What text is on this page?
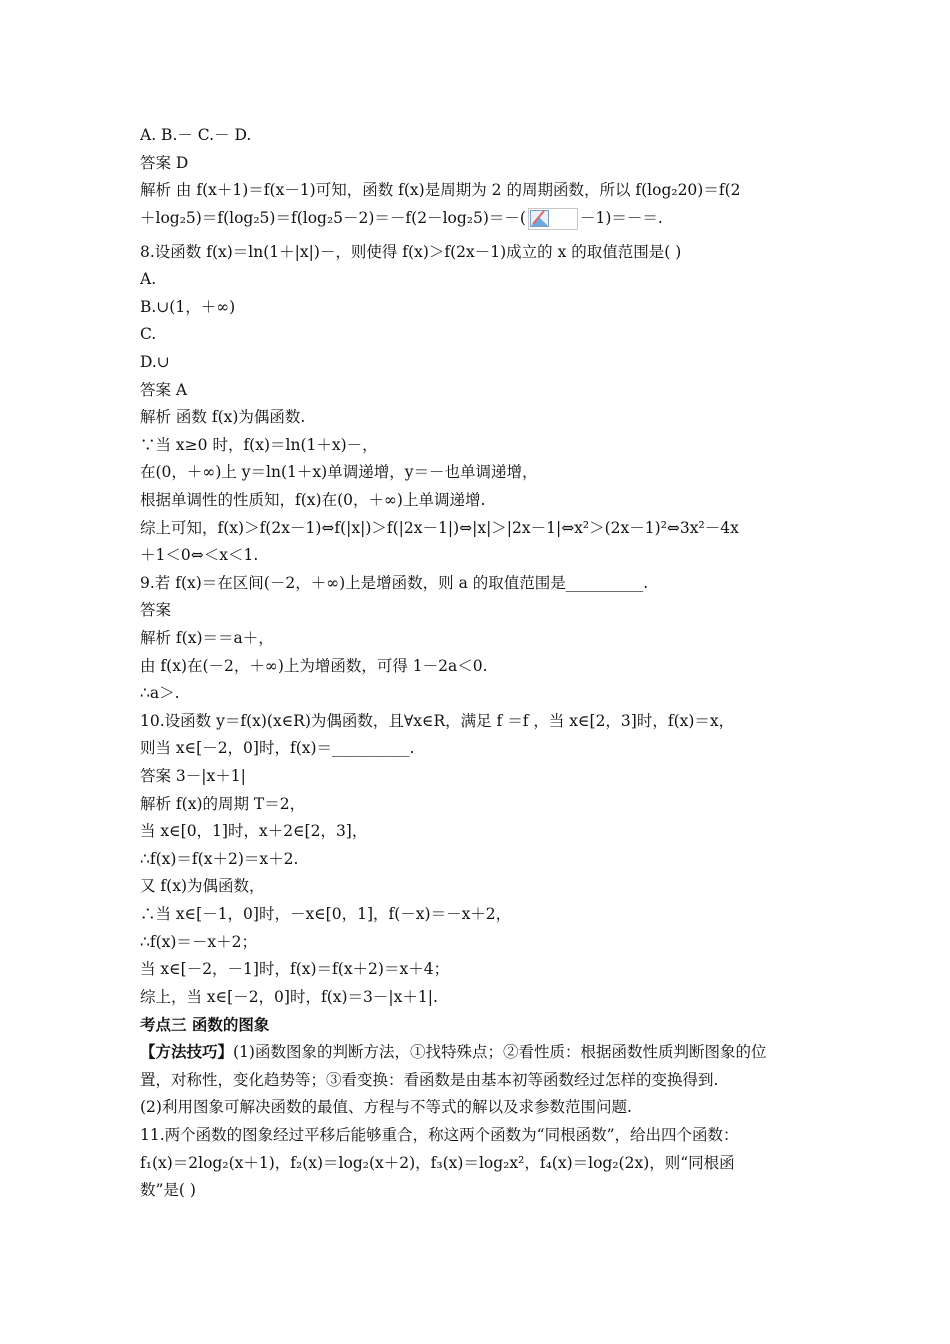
A. B.－ C.－ D.
答案 D
解析 由 f(x＋1)＝f(x－1)可知，函数 f(x)是周期为 2 的周期函数，所以 f(log₂20)＝f(2
8.设函数 f(x)＝ln(1＋|x|)－，则使得 f(x)＞f(2x－1)成立的 x 的取值范围是( )
A.
B.∪(1，＋∞)
C.
D.∪
答案 A
解析 函数 f(x)为偶函数.
∵当 x≥0 时，f(x)＝ln(1＋x)－，
在(0，＋∞)上 y＝ln(1＋x)单调递增，y＝－也单调递增，
根据单调性的性质知，f(x)在(0，＋∞)上单调递增.
综上可知，f(x)＞f(2x－1)⇔f(|x|)＞f(|2x－1|)⇔|x|＞|2x－1|⇔x²＞(2x－1)²⇔3x²－4x
＋1＜0⇔＜x＜1.
9.若 f(x)＝在区间(－2，＋∞)上是增函数，则 a 的取值范围是__________.
答案
解析 f(x)＝＝a＋，
由 f(x)在(－2，＋∞)上为增函数，可得 1－2a＜0.
∴a＞.
10.设函数 y＝f(x)(x∈R)为偶函数，且∀x∈R，满足 f ＝f ，当 x∈[2，3]时，f(x)＝x，
则当 x∈[－2，0]时，f(x)＝__________.
答案 3－|x＋1|
解析 f(x)的周期 T＝2，
当 x∈[0，1]时，x＋2∈[2，3]，
∴f(x)＝f(x＋2)＝x＋2.
又 f(x)为偶函数，
∴当 x∈[－1，0]时，－x∈[0，1]，f(－x)＝－x＋2，
∴f(x)＝－x＋2；
当 x∈[－2，－1]时，f(x)＝f(x＋2)＝x＋4；
综上，当 x∈[－2，0]时，f(x)＝3－|x＋1|.
考点三 函数的图象
【方法技巧】(1)函数图象的判断方法，①找特殊点；②看性质：根据函数性质判断图象的位
置，对称性，变化趋势等；③看变换：看函数是由基本初等函数经过怎样的变换得到.
(2)利用图象可解决函数的最值、方程与不等式的解以及求参数范围问题.
11.两个函数的图象经过平移后能够重合，称这两个函数为“同根函数”，给出四个函数：
f₁(x)＝2log₂(x＋1)，f₂(x)＝log₂(x＋2)，f₃(x)＝log₂x²，f₄(x)＝log₂(2x)，则“同根函
数”是( )
＋log₂5)＝f(log₂5)＝f(log₂5－2)＝－f(2－log₂5)＝－(	－1)＝－＝.
